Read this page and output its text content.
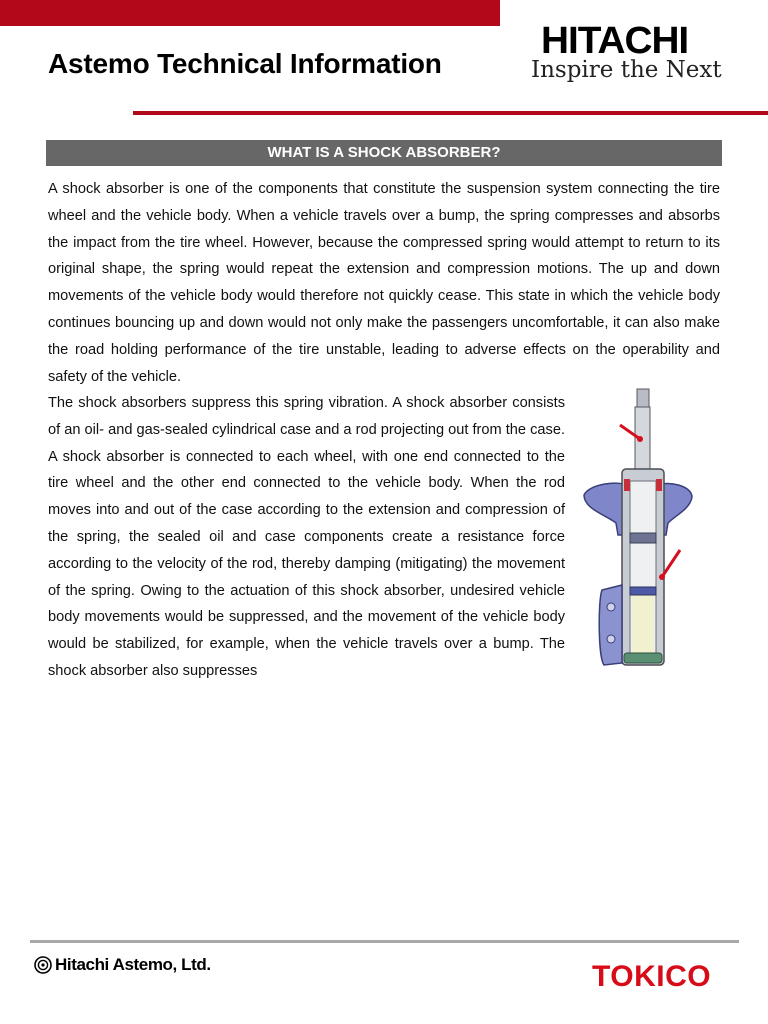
Astemo Technical Information
HITACHI
Inspire the Next
WHAT IS A SHOCK ABSORBER?
A shock absorber is one of the components that constitute the suspension system connecting the tire wheel and the vehicle body. When a vehicle travels over a bump, the spring compresses and absorbs the impact from the tire wheel. However, because the compressed spring would attempt to return to its original shape, the spring would repeat the extension and compression motions. The up and down movements of the vehicle body would therefore not quickly cease. This state in which the vehicle body continues bouncing up and down would not only make the passengers uncomfortable, it can also make the road holding performance of the tire unstable, leading to adverse effects on the operability and safety of the vehicle.
The shock absorbers suppress this spring vibration. A shock absorber consists of an oil- and gas-sealed cylindrical case and a rod projecting out from the case. A shock absorber is connected to each wheel, with one end connected to the tire wheel and the other end connected to the vehicle body. When the rod moves into and out of the case according to the extension and compression of the spring, the sealed oil and case components create a resistance force according to the velocity of the rod, thereby damping (mitigating) the movement of the spring. Owing to the actuation of this shock absorber, undesired vehicle body movements would be suppressed, and the movement of the vehicle body would be stabilized, for example, when the vehicle travels over a bump. The shock absorber also suppresses
Hitachi Astemo, Ltd.	TOKICO
